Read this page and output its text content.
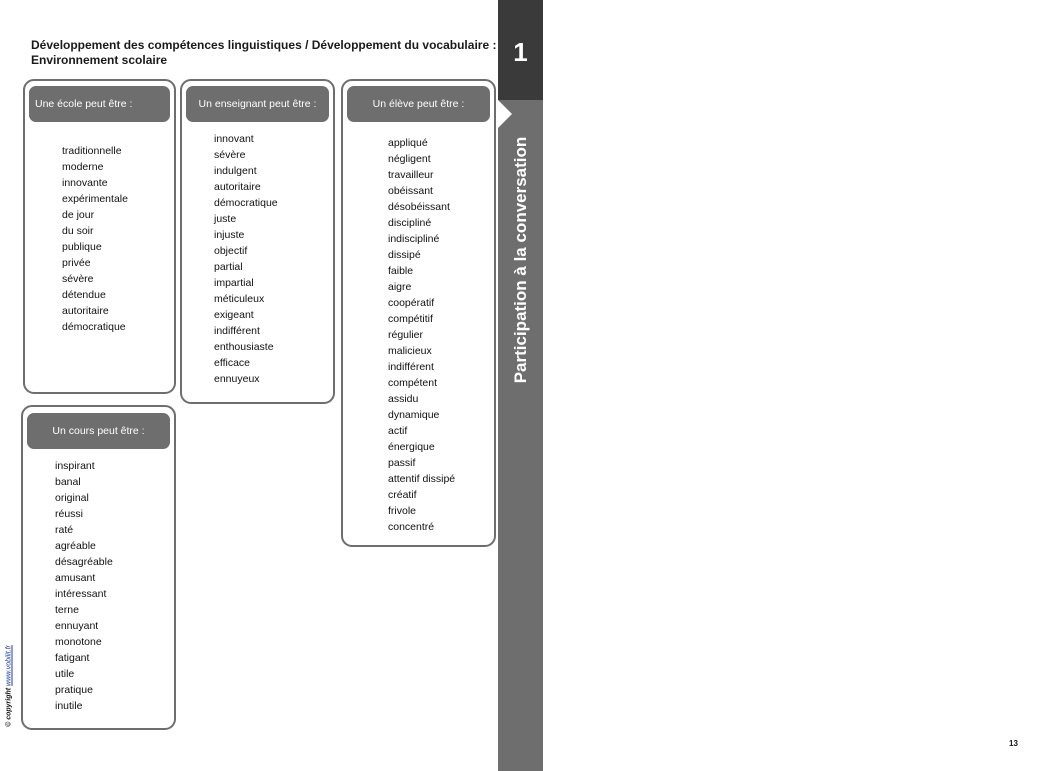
Développement des compétences linguistiques / Développement du vocabulaire : Environnement scolaire
Une école peut être :
traditionnelle
moderne
innovante
expérimentale
de jour
du soir
publique
privée
sévère
détendue
autoritaire
démocratique
Un enseignant peut être :
innovant
sévère
indulgent
autoritaire
démocratique
juste
injuste
objectif
partial
impartial
méticuleux
exigeant
indifférent
enthousiaste
efficace
ennuyeux
Un élève peut être :
appliqué
négligent
travailleur
obéissant
désobéissant
discipliné
indiscipliné
dissipé
faible
aigre
coopératif
compétitif
régulier
malicieux
indifférent
compétent
assidu
dynamique
actif
énergique
passif
attentif dissipé
créatif
frivole
concentré
Un cours peut être :
inspirant
banal
original
réussi
raté
agréable
désagréable
amusant
intéressant
terne
ennuyant
monotone
fatigant
utile
pratique
inutile
1
13
Participation à la conversation
© copyright www.vobilit.fr
